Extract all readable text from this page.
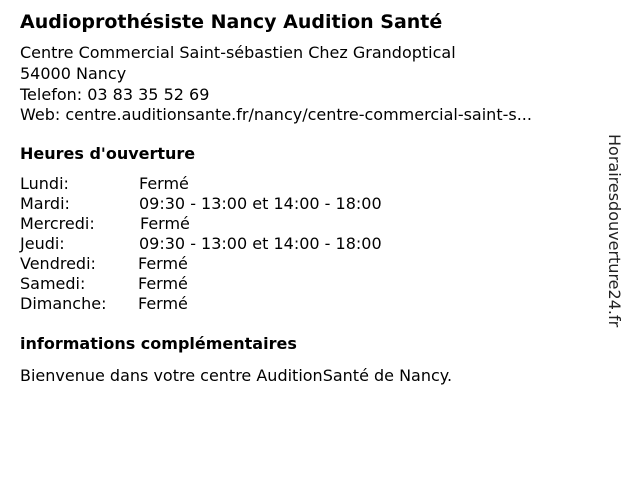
Audioprothésiste Nancy Audition Santé
Centre Commercial Saint-sébastien Chez Grandoptical
54000 Nancy
Telefon: 03 83 35 52 69
Web: centre.auditionsante.fr/nancy/centre-commercial-saint-s...
Heures d'ouverture
Lundi:	Fermé
Mardi:	09:30 - 13:00 et 14:00 - 18:00
Mercredi:	Fermé
Jeudi:	09:30 - 13:00 et 14:00 - 18:00
Vendredi:	Fermé
Samedi:	Fermé
Dimanche: Fermé
informations complémentaires
Bienvenue dans votre centre AuditionSanté de Nancy.
Horairesdouverture24.fr
